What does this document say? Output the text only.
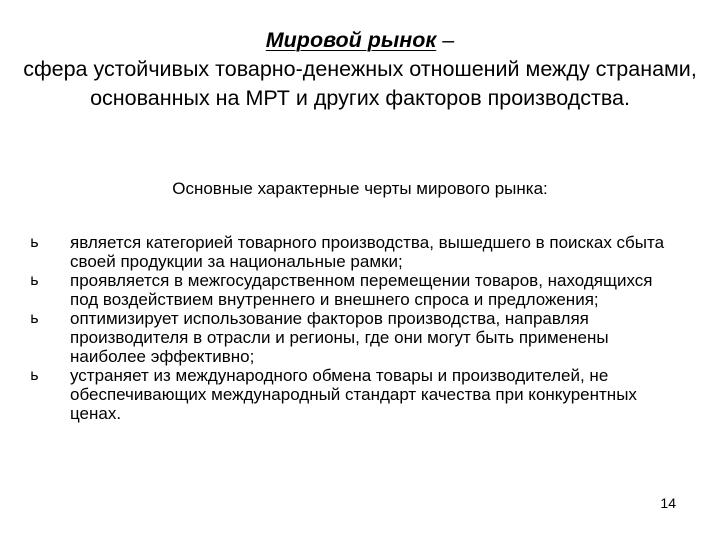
Мировой рынок –
сфера устойчивых товарно-денежных отношений между странами, основанных на МРТ и других факторов производства.
Основные характерные черты мирового рынка:
ь	является категорией товарного производства, вышедшего в поисках сбыта своей продукции за национальные рамки;
ь	проявляется в межгосударственном перемещении товаров, находящихся под воздействием внутреннего и внешнего спроса и предложения;
ь	оптимизирует использование факторов производства, направляя производителя в отрасли и регионы, где они могут быть применены наиболее эффективно;
ь	устраняет из международного обмена товары и производителей, не обеспечивающих международный стандарт качества при конкурентных ценах.
14
